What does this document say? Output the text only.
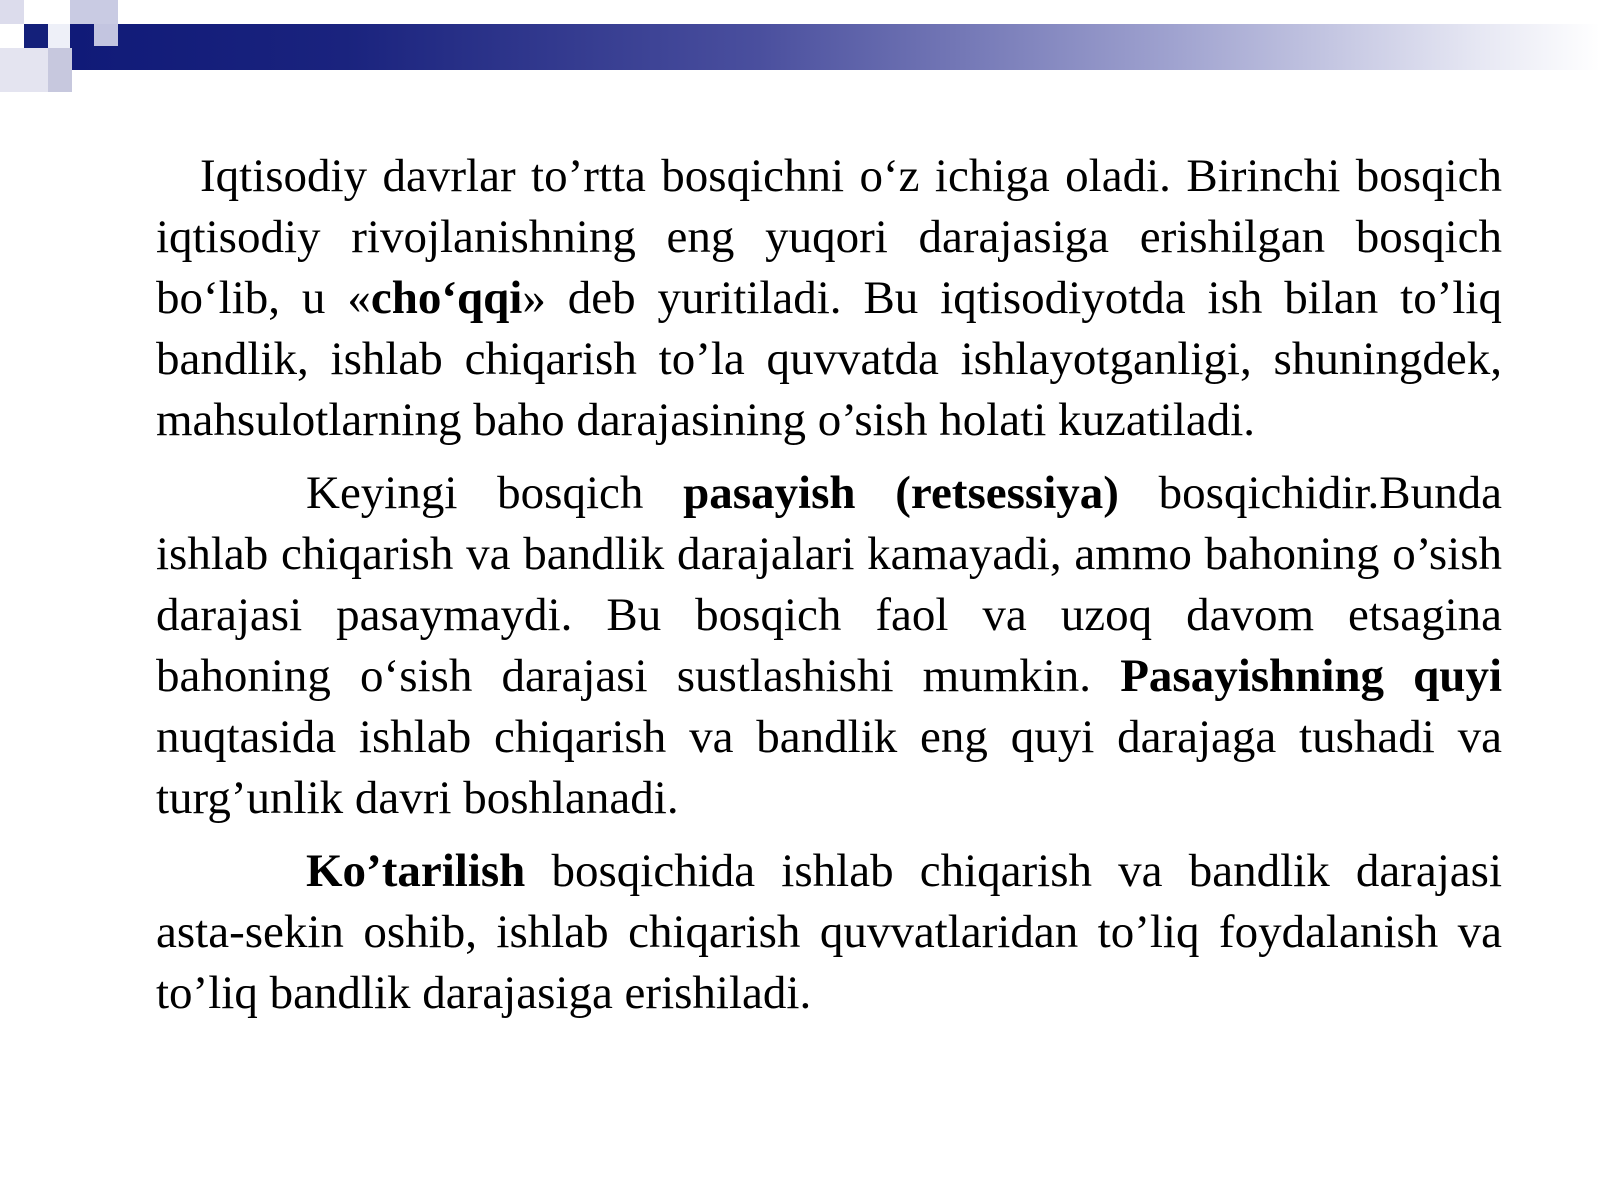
Iqtisodiy davrlar to’rtta bosqichni o‘z ichiga oladi. Birinchi bosqich iqtisodiy rivojlanishning eng yuqori darajasiga erishilgan bosqich bo‘lib, u «cho‘qqi» deb yuritiladi. Bu iqtisodiyotda ish bilan to’liq bandlik, ishlab chiqarish to’la quvvatda ishlayotganligi, shuningdek, mahsulotlarning baho darajasining o’sish holati kuzatiladi.

Keyingi bosqich pasayish (retsessiya) bosqichidir.Bunda ishlab chiqarish va bandlik darajalari kamayadi, ammo bahoning o’sish darajasi pasaymaydi. Bu bosqich faol va uzoq davom etsagina bahoning o‘sish darajasi sustlashishi mumkin. Pasayishning quyi nuqtasida ishlab chiqarish va bandlik eng quyi darajaga tushadi va turg’unlik davri boshlanadi.

Ko’tarilish bosqichida ishlab chiqarish va bandlik darajasi asta-sekin oshib, ishlab chiqarish quvvatlaridan to’liq foydalanish va to’liq bandlik darajasiga erishiladi.
